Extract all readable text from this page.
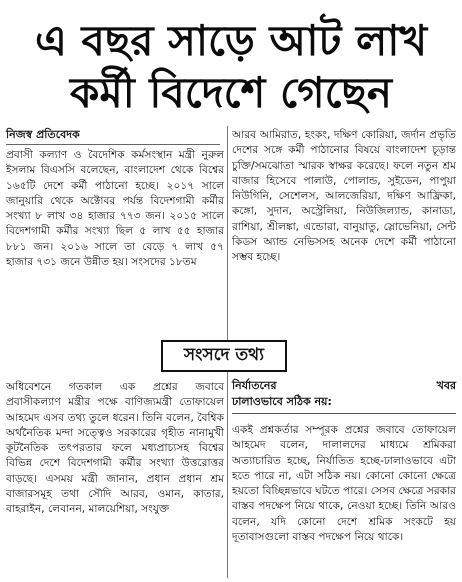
এ বছর সাড়ে আট লাখ
কর্মী বিদেশে গেছেন
নিজস্ব প্রতিবেদক

প্রবাসী কল্যাণ ও বৈদেশিক কর্মসংস্থান মন্ত্রী নুরুল ইসলাম বিএসসি বলেছেন, বাংলাদেশ থেকে বিশ্বের ১৬৫টি দেশে কর্মী পাঠানো হচ্ছে। ২০১৭ সালে জানুয়ারি থেকে অক্টোবর পর্যন্ত বিদেশগামী কর্মীর সংখ্যা ৮ লাখ ৩৪ হাজার ৭৭৩ জন। ২০১৫ সালে বিদেশগামী কর্মীর সংখ্যা ছিল ৫ লাখ ৫৫ হাজার ৮৮১ জন। ২০১৬ সালে তা বেড়ে ৭ লাখ ৫৭ হাজার ৭৩১ জনে উন্নীত হয়। সংসদের ১৮তম

অধিবেশনে গতকাল এক প্রশ্নের জবাবে প্রবাসীকল্যাণ মন্ত্রীর পক্ষে বাণিজ্যমন্ত্রী তোফায়েল আহমেদ এসব তথ্য তুলে ধরেন। তিনি বলেন, বৈশ্বিক অর্থনৈতিক মন্দা সত্ত্বেও সরকারের গৃহীত নানামুখী কূটনৈতিক তৎপরতার ফলে মধ্যপ্রাচ্যসহ বিশ্বের বিভিন্ন দেশে বিদেশগামী কর্মীর সংখ্যা উত্তরোত্তর বাড়ছে। এসময় মন্ত্রী জানান, প্রধান প্রধান শ্রম বাজারসমূহ তথা সৌদি আরব, ওমান, কাতার, বাহরাইন, লেবানন, মালয়েশিয়া, সংযুক্ত

সংসদে তথ্য

আরব আমিরাত, হংকং, দক্ষিণ কোরিয়া, জর্দান প্রভৃতি দেশের সঙ্গে কর্মী পাঠানোর বিষয়ে বাংলাদেশ চূড়ান্ত চুক্তি/সমঝোতা স্মারক স্বাক্ষর করেছে। ফলে নতুন শ্রম বাজার হিসেবে পালাউ, পোলান্ড, সুইডেন, পাপুয়া নিউগিনি, সেশেলস, আলজেরিয়া, দক্ষিণ আফ্রিকা, কঙ্গো, সুদান, অস্ট্রেলিয়া, নিউজিল্যান্ড, কানাডা, রাশিয়া, শ্রীলঙ্কা, এন্ডোরা, বানুয়াতু, স্লোভেনিয়া, সেন্ট কিডস অ্যান্ড নেভিসসহ অনেক দেশে কর্মী পাঠানো সম্ভব হচ্ছে।

নির্যাতনের	খবর

ঢালাওভাবে সঠিক নয়:

একই প্রশ্নকর্তার সম্পূরক প্রশ্নের জবাবে তোফায়েল আহমেদ বলেন, দালালদের মাধ্যমে শ্রমিকরা অত্যাচারিত হচ্ছে, নির্যাতিত হচ্ছে-ঢালাওভাবে এটা হতে পারে না, এটা সঠিক নয়। কোনো কোনো ক্ষেত্রে হয়তো বিচ্ছিন্নভাবে ঘটতে পারে। সেসব ক্ষেত্রে সরকার বাস্তব পদক্ষেপ নিয়ে থাকে, নেওয়া হচ্ছে। তিনি আরও বলেন, যদি কোনো দেশে শ্রমিক সংকটে হয় দূতাবাসগুলো বাস্তব পদক্ষেপ নিয়ে থাকে।
